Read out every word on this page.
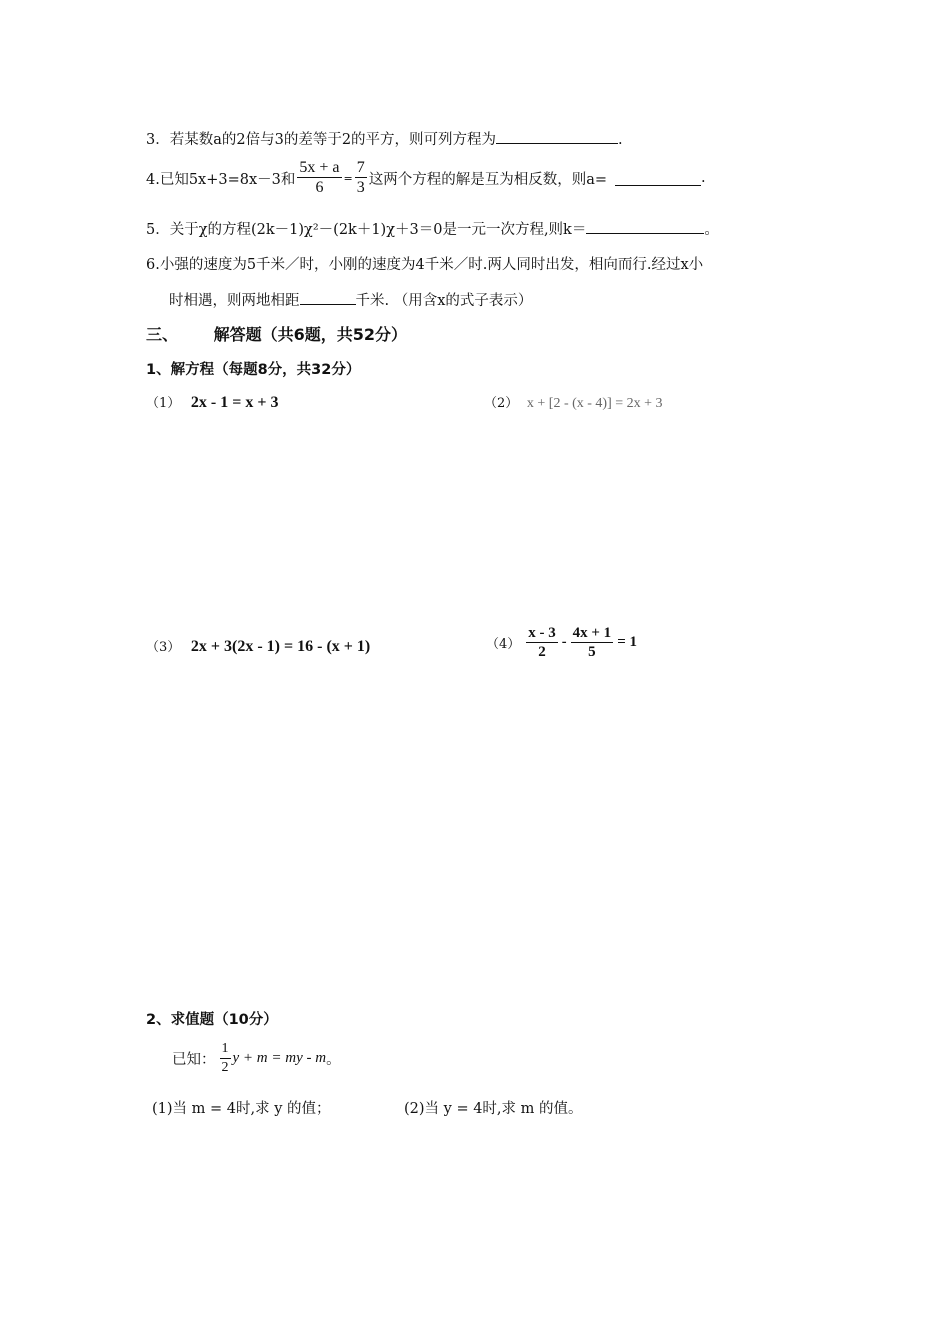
3．若某数a的2倍与3的差等于2的平方，则可列方程为	.
4.已知5x+3=8x－3和 $\frac{5x + a}{6} = \frac{7}{3}$ 这两个方程的解是互为相反数，则a=	.
5．关于χ的方程(2k－1)χ²－(2k＋1)χ＋3＝0是一元一次方程,则k＝	。
6.小强的速度为5千米／时，小刚的速度为4千米／时.两人同时出发，相向而行.经过x小
时相遇，则两地相距	千米. （用含x的式子表示）
三、 解答题（共6题，共52分）
1、解方程（每题8分，共32分）
（1） 2x - 1 = x + 3	（2） x + [2 - (x - 4)] = 2x + 3
（3） 2x + 3(2x - 1) = 16 - (x + 1)	$(4) \frac{x - 3}{2} - \frac{4x + 1}{5} = 1$
2、求值题（10分）
已知： $\frac{1}{2}$ y + m = my - m 。
(1)当 m = 4时,求 y 的值；	(2)当 y = 4时,求 m 的值。
